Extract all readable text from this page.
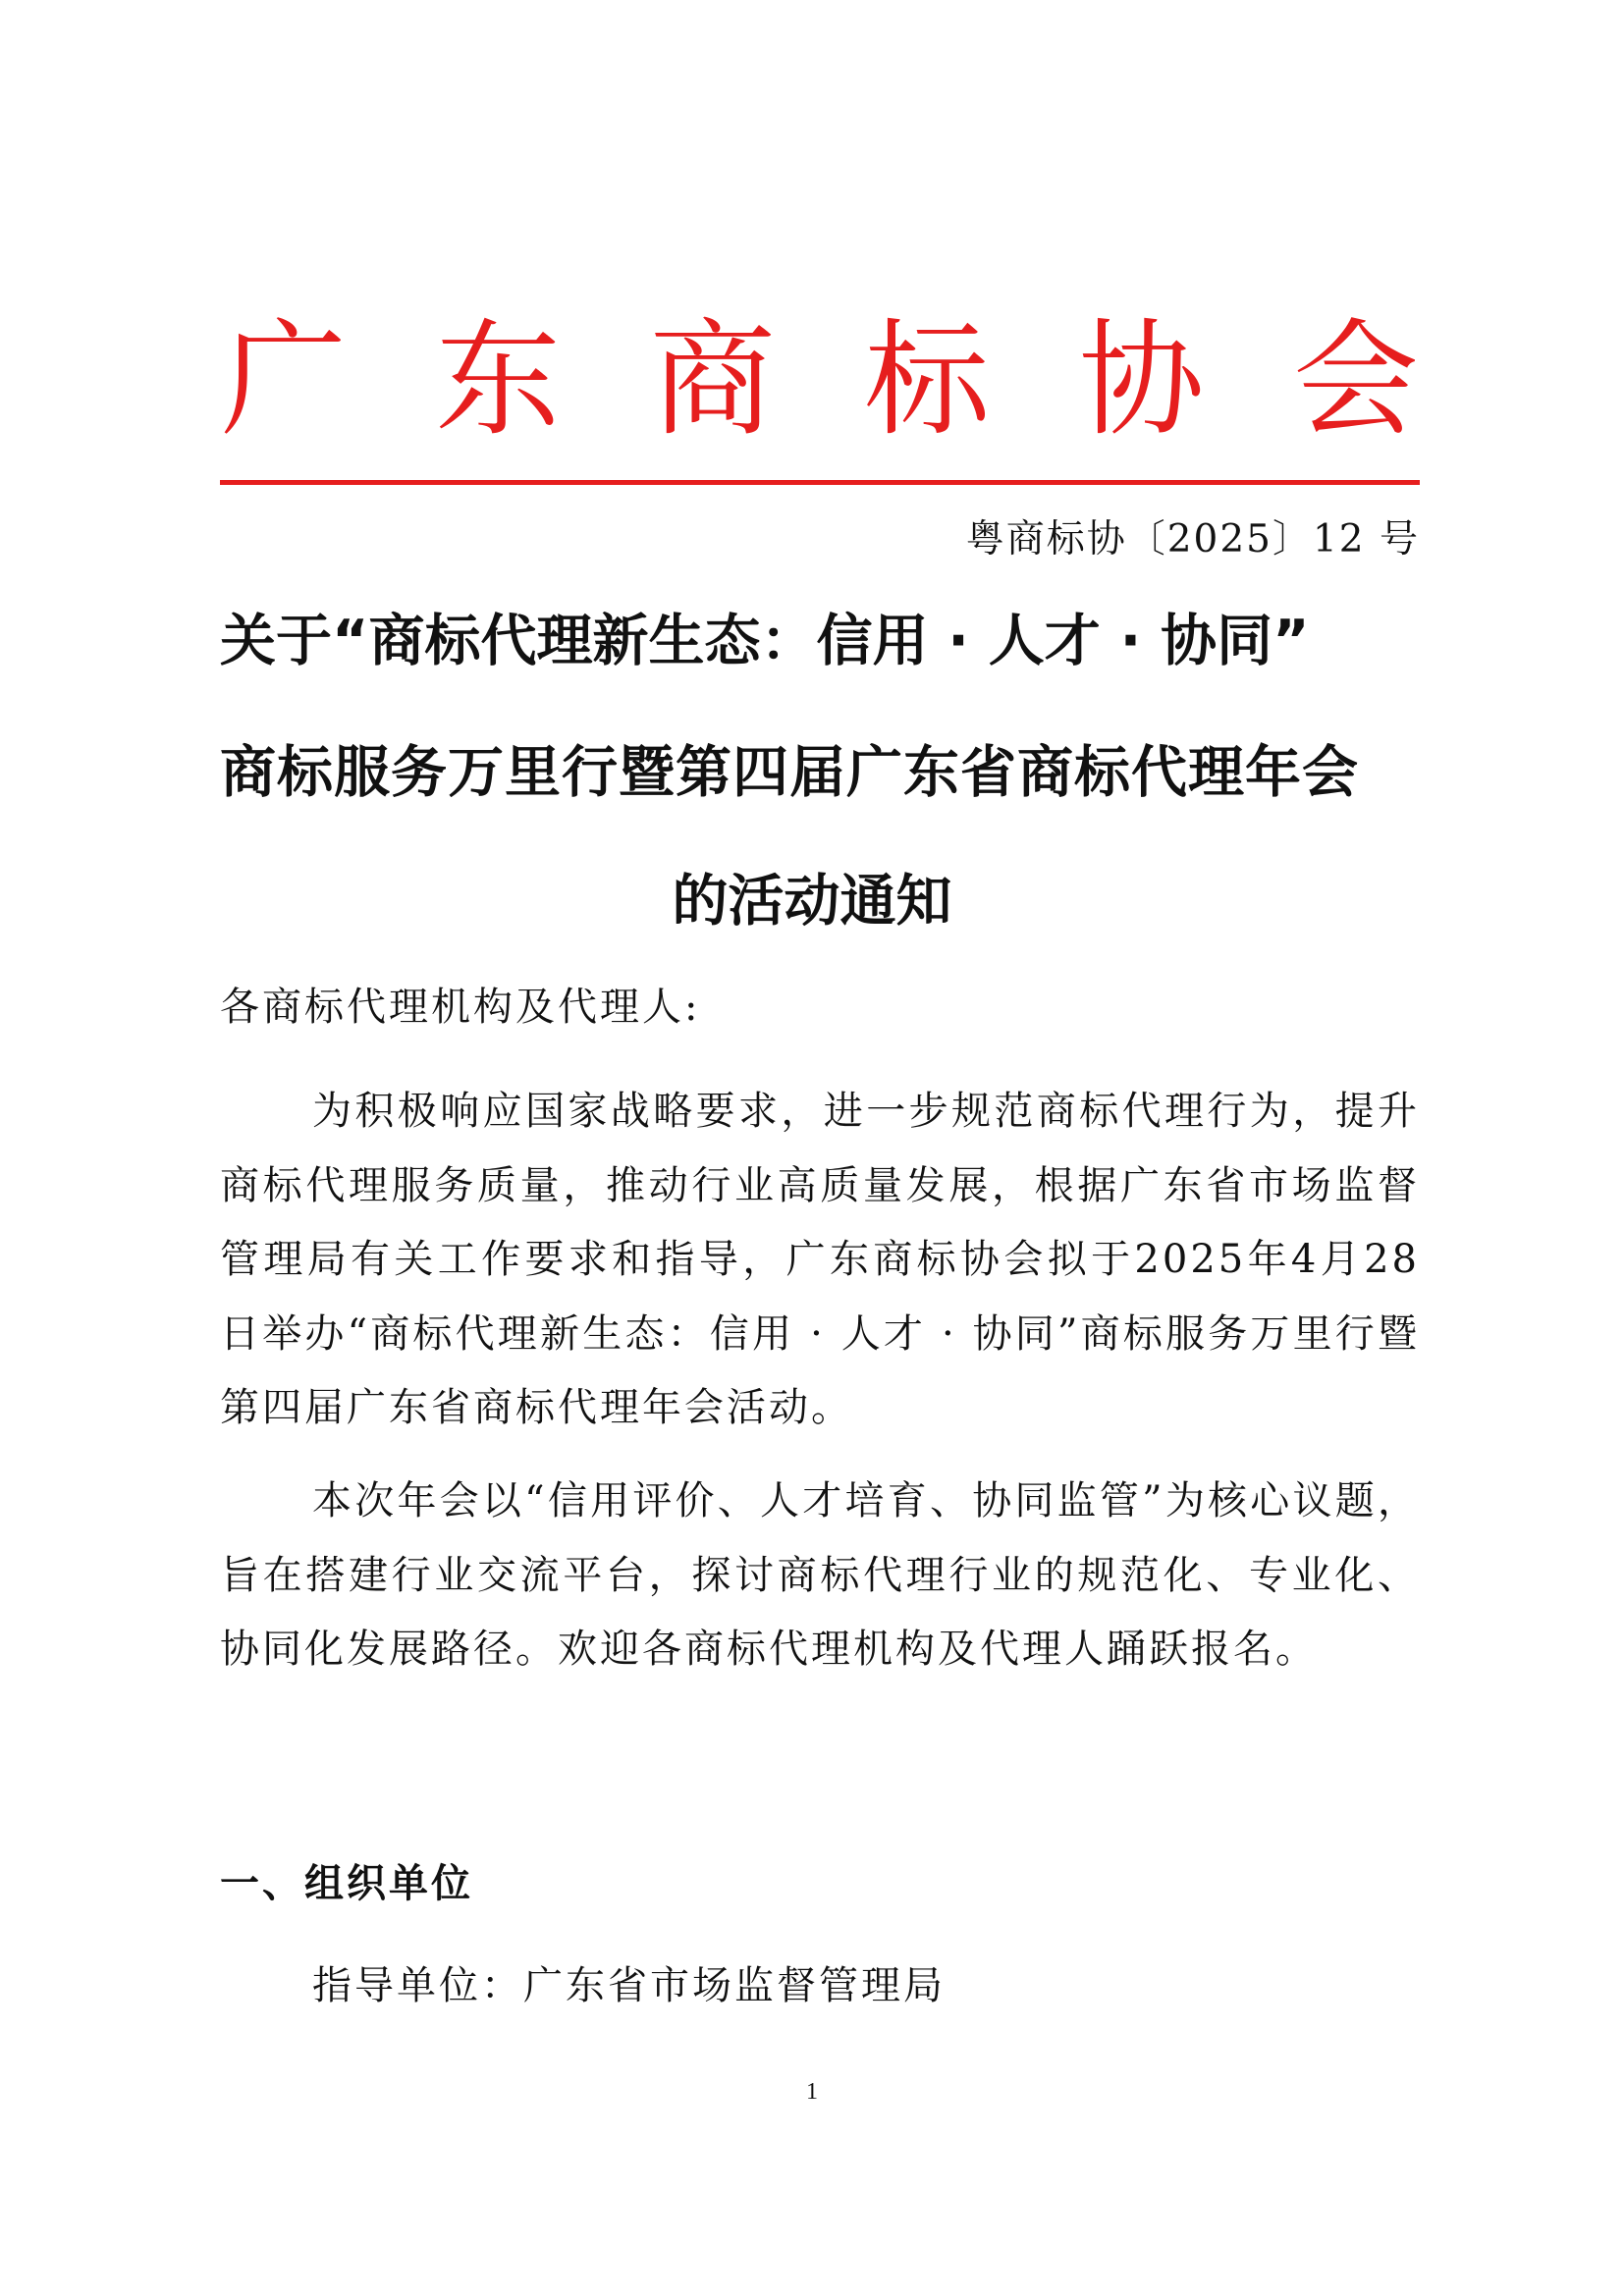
广 东 商 标 协 会
粤商标协〔2025〕12 号
关于“商标代理新生态：信用 · 人才 · 协同”
商标服务万里行暨第四届广东省商标代理年会
的活动通知
各商标代理机构及代理人:

为积极响应国家战略要求，进一步规范商标代理行为，提升商标代理服务质量，推动行业高质量发展，根据广东省市场监督管理局有关工作要求和指导，广东商标协会拟于2025年4月28日举办“商标代理新生态：信用 · 人才 · 协同”商标服务万里行暨第四届广东省商标代理年会活动。

本次年会以“信用评价、人才培育、协同监管”为核心议题，旨在搭建行业交流平台，探讨商标代理行业的规范化、专业化、协同化发展路径。欢迎各商标代理机构及代理人踊跃报名。

一、组织单位
指导单位：广东省市场监督管理局
1
